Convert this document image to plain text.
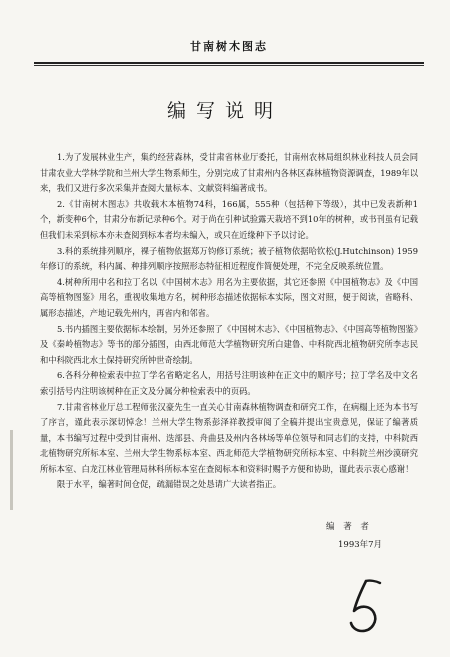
甘南树木图志
编写说明

1.为了发展林业生产，集约经营森林，受甘肃省林业厅委托，甘南州农林局组织林业科技人员会同甘肃农业大学林学院和兰州大学生物系师生，分别完成了甘肃州内各林区森林植物资源调查，1989年以来，我们又进行多次采集并查阅大量标本、文献资料编著成书。

2.《甘南树木图志》共收载木本植物74科，166属，555种（包括种下等级），其中已发表新种1个，新变种6个，甘肃分布新记录种6个。对于尚在引种试验露天栽培不到10年的树种，或书刊虽有记载但我们未采到标本亦未查阅到标本者均未编入，或只在近缘种下予以讨论。

3.科的系统排列顺序，裸子植物依据郑万钧修订系统；被子植物依据哈钦松(J.Hutchinson) 1959年修订的系统，科内属、种排列顺序按照形态特征相近程度作简便处理，不完全反映系统位置。

4.树种所用中名和拉丁名以《中国树木志》用名为主要依据，其它还参照《中国植物志》及《中国高等植物图鉴》用名，重视收集地方名，树种形态描述依据标本实际，图文对照，便于阅读，省略科、属形态描述，产地记载先州内，再省内和邻省。

5.书内插图主要依据标本绘制，另外还参照了《中国树木志》、《中国植物志》、《中国高等植物图鉴》及《秦岭植物志》等书的部分插图，由西北师范大学植物研究所白建鲁、中科院西北植物研究所李志民和中科院西北水土保持研究所钟世奇绘制。

6.各科分种检索表中拉丁学名省略定名人，用括号注明该种在正文中的顺序号；拉丁学名及中文名索引括号内注明该树种在正文及分属分种检索表中的页码。

7.甘肃省林业厅总工程师张汉豪先生一直关心甘南森林植物调查和研究工作，在病榻上还为本书写了序言，谨此表示深切悼念！兰州大学生物系彭泽祥教授审阅了全稿并提出宝贵意见，保证了编著质量，本书编写过程中受到甘南州、迭部县、舟曲县及州内各林场等单位领导和同志们的支持，中科院西北植物研究所标本室、兰州大学生物系标本室、西北师范大学植物研究所标本室、中科院兰州沙漠研究所标本室、白龙江林业管理局林科所标本室在查阅标本和资料时赐予方便和协助，谨此表示衷心感谢！

限于水平，编著时间仓促，疏漏错误之处恳请广大读者指正。

编 著 者
1993年7月
